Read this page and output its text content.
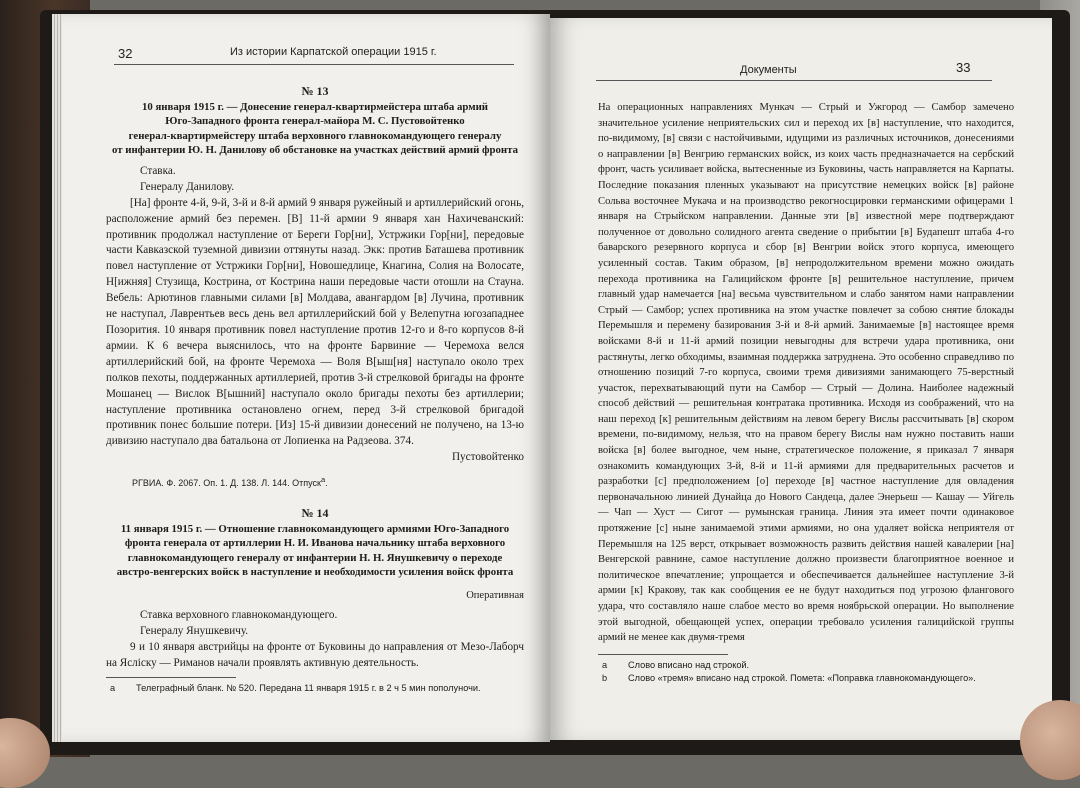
32	Из истории Карпатской операции 1915 г.
№ 13
10 января 1915 г. — Донесение генерал-квартирмейстера штаба армий
Юго-Западного фронта генерал-майора М. С. Пустовойтенко
генерал-квартирмейстеру штаба верховного главнокомандующего генералу
от инфантерии Ю. Н. Данилову об обстановке на участках действий армий фронта
Ставка.
Генералу Данилову.
[На] фронте 4-й, 9-й, 3-й и 8-й армий 9 января ружейный и артиллерийский огонь, расположение армий без перемен. [В] 11-й армии 9 января хан Нахичеванский: противник продолжал наступление от Береги Гор[ни], Устржики Гор[ни], передовые части Кавказской туземной дивизии оттянуты назад. Экк: против Баташева противник повел наступление от Устржики Гор[ни], Новошедлице, Кнагина, Солия на Волосате, Н[ижняя] Стузища, Кострина, от Кострина наши передовые части отошли на Стауна. Вебель: Арютинов главными силами [в] Молдава, авангардом [в] Лучина, противник не наступал, Лаврентьев весь день вел артиллерийский бой у Велепутна югозападнее Позорития. 10 января противник повел наступление против 12-го и 8-го корпусов 8-й армии. К 6 вечера выяснилось, что на фронте Барвиние — Черемоха велся артиллерийский бой, на фронте Черемоха — Воля В[ыш[ня] наступало около трех полков пехоты, поддержанных артиллерией, против 3-й стрелковой бригады на фронте Мошанец — Вислок В[ышний] наступало около бригады пехоты без артиллерии; наступление противника остановлено огнем, перед 3-й стрелковой бригадой противник понес большие потери. [Из] 15-й дивизии донесений не получено, на 13-ю дивизию наступало два батальона от Лопиенка на Радзеова. 374.
Пустовойтенко
РГВИА. Ф. 2067. Оп. 1. Д. 138. Л. 144. Отпуск$^а$.
№ 14
11 января 1915 г. — Отношение главнокомандующего армиями Юго-Западного
фронта генерала от артиллерии Н. И. Иванова начальнику штаба верховного
главнокомандующего генералу от инфантерии Н. Н. Янушкевичу о переходе
австро-венгерских войск в наступление и необходимости усиления войск фронта
Оперативная
Ставка верховного главнокомандующего.
Генералу Янушкевичу.
9 и 10 января австрийцы на фронте от Буковины до направления от Мезо-Лаборч на Ясліску — Риманов начали проявлять активную деятельность.
а Телеграфный бланк. № 520. Передана 11 января 1915 г. в 2 ч 5 мин пополуночи.
Документы	33
На операционных направлениях Мункач — Стрый и Ужгород — Самбор замечено значительное усиление неприятельских сил и переход их [в] наступление, что находится, по-видимому, [в] связи с настойчивыми, идущими из различных источников, донесениями о направлении [в] Венгрию германских войск, из коих часть предназначается на сербский фронт, часть усиливает войска, вытесненные из Буковины, часть направляется на Карпаты. Последние показания пленных указывают на присутствие немецких войск [в] районе Сольва восточнее Мукача и на производство рекогносцировки германскими офицерами 1 января на Стрыйском направлении. Данные эти [в] известной мере подтверждают полученное от довольно солидного агента сведение о прибытии [в] Будапешт штаба 4-го баварского резервного корпуса и сбор [в] Венгрии войск этого корпуса, имеющего усиленный состав. Таким образом, [в] непродолжительном времени можно ожидать перехода противника на Галицийском фронте [в] решительное наступление, причем главный удар намечается [на] весьма чувствительном и слабо занятом нами направлении Стрый — Самбор; успех противника на этом участке повлечет за собою снятие блокады Перемышля и переменy базирования 3-й и 8-й армий. Занимаемые [в] настоящее время войсками 8-й и 11-й армий позиции невыгодны для встречи удара противника, они растянуты, легко обходимы, взаимная поддержка затруднена. Это особенно справедливо по отношению позиций 7-го корпуса, своими тремя дивизиями занимающего 75-верстный участок, перехватывающий пути на Самбор — Стрый — Долина. Наиболее надежный способ действий — решительная контратака противника. Исходя из соображений, что на наш переход [к] решительным действиям на левом берегу Вислы рассчитывать [в] скором времени, по-видимому, нельзя, что на правом берегу Вислы нам нужно поставить наши войска [в] более выгодное, чем ныне, стратегическое положение, я приказал 7 января ознакомить командующих 3-й, 8-й и 11-й армиями для предварительных расчетов и разработки [с] предположением [о] переходе [в] частное наступление для овладения первоначальною линией Дунайца до Нового Сандеца, далее Энерьеш — Кашау — Уйгель — Чап — Хуст — Сигот — румынская граница. Линия эта имеет почти одинаковое протяжение [с] ныне занимаемой этими армиями, но она удаляет войска неприятеля от Перемышля на 125 верст, открывает возможность развить действия нашей кавалерии [на] Венгерской равнине, самое наступление должно произвести благоприятное военное и политическое впечатление; упрощается и обеспечивается дальнейшее наступление 3-й армии [к] Кракову, так как сообщения ее не будут находиться под угрозою флангового удара, что составляло наше слабое место во время ноябрьской операции. Но выполнение этой выгодной, обещающей успех, операции требовало усиления галицийской группы армий не менее как двумя-тремя
а Слово вписано над строкой.
b Слово «тремя» вписано над строкой. Помета: «Поправка главнокомандующего».
